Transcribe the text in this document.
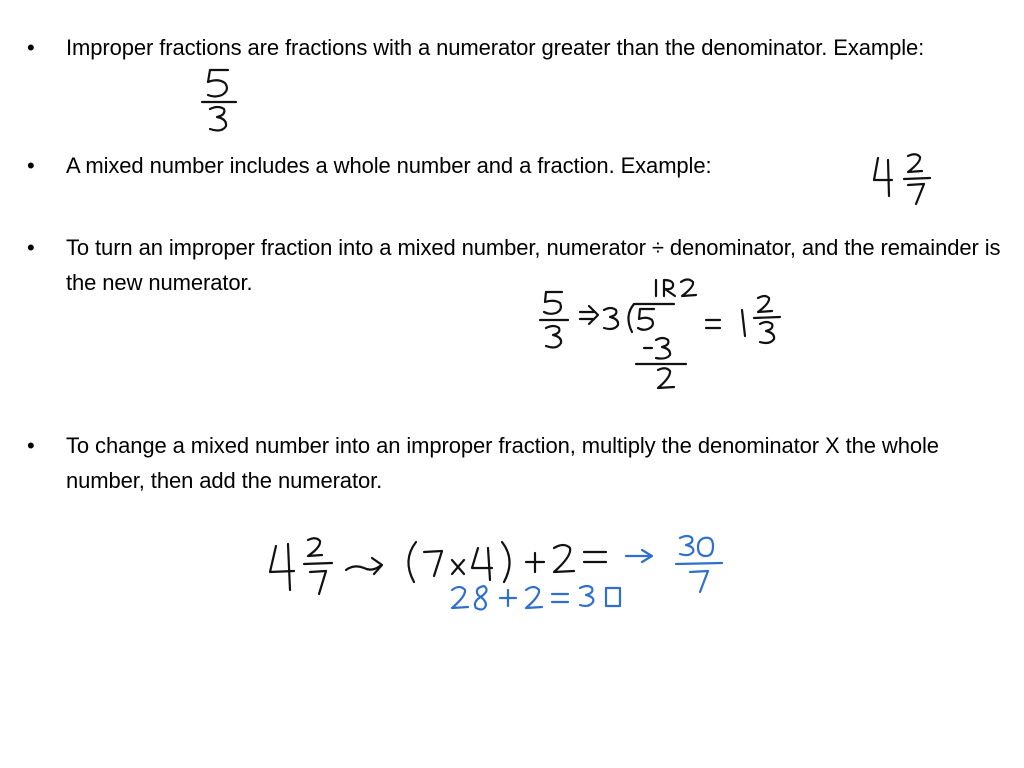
• Improper fractions are fractions with a numerator greater than the denominator. Example:
• A mixed number includes a whole number and a fraction. Example:
• To turn an improper fraction into a mixed number, numerator ÷ denominator, and the remainder is the new numerator.
• To change a mixed number into an improper fraction, multiply the denominator X the whole number, then add the numerator.
